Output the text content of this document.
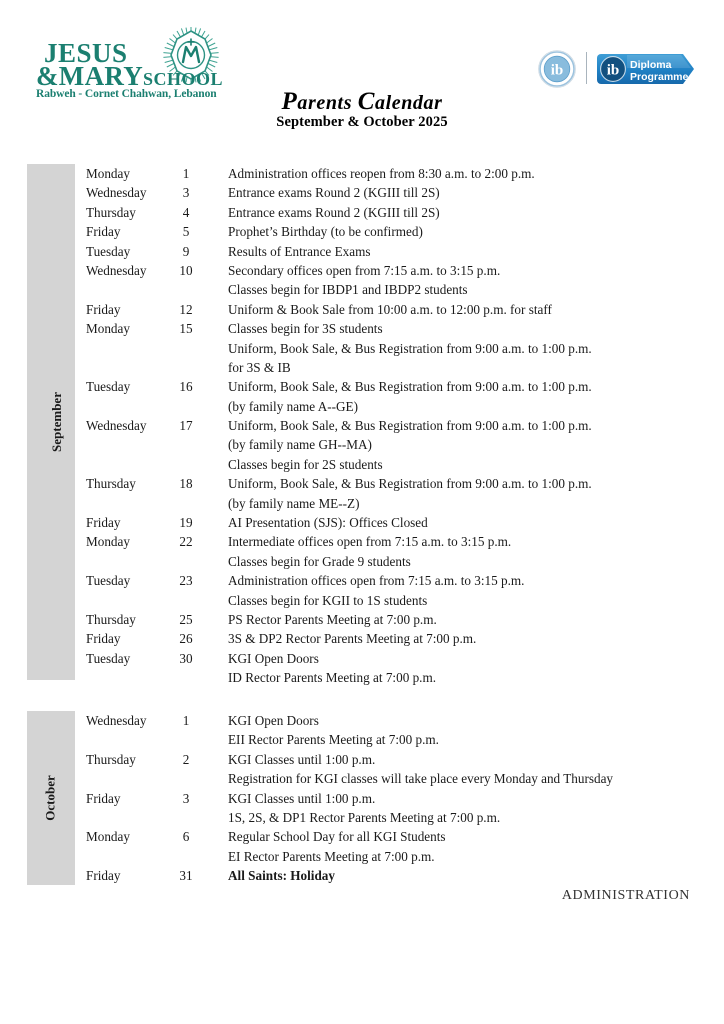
JESUS
&MARYSCHOOL
Rabweh - Cornet Chahwan, Lebanon
ib	ib Diploma
Programme
Parents Calendar
September & October 2025
September
Monday	1	Administration offices reopen from 8:30 a.m. to 2:00 p.m.
Wednesday	3	Entrance exams Round 2 (KGIII till 2S)
Thursday	4	Entrance exams Round 2 (KGIII till 2S)
Friday	5	Prophet’s Birthday (to be confirmed)
Tuesday	9	Results of Entrance Exams
Wednesday	10	Secondary offices open from 7:15 a.m. to 3:15 p.m.
Classes begin for IBDP1 and IBDP2 students
Friday	12	Uniform & Book Sale from 10:00 a.m. to 12:00 p.m. for staff
Monday	15	Classes begin for 3S students
Uniform, Book Sale, & Bus Registration from 9:00 a.m. to 1:00 p.m.
for 3S & IB
Tuesday	16	Uniform, Book Sale, & Bus Registration from 9:00 a.m. to 1:00 p.m.
(by family name A--GE)
Wednesday	17	Uniform, Book Sale, & Bus Registration from 9:00 a.m. to 1:00 p.m.
(by family name GH--MA)
Classes begin for 2S students
Thursday	18	Uniform, Book Sale, & Bus Registration from 9:00 a.m. to 1:00 p.m.
(by family name ME--Z)
Friday	19	AI Presentation (SJS): Offices Closed
Monday	22	Intermediate offices open from 7:15 a.m. to 3:15 p.m.
Classes begin for Grade 9 students
Tuesday	23	Administration offices open from 7:15 a.m. to 3:15 p.m.
Classes begin for KGII to 1S students
Thursday	25	PS Rector Parents Meeting at 7:00 p.m.
Friday	26	3S & DP2 Rector Parents Meeting at 7:00 p.m.
Tuesday	30	KGI Open Doors
ID Rector Parents Meeting at 7:00 p.m.
October
Wednesday	1	KGI Open Doors
EII Rector Parents Meeting at 7:00 p.m.
Thursday	2	KGI Classes until 1:00 p.m.
Registration for KGI classes will take place every Monday and Thursday
Friday	3	KGI Classes until 1:00 p.m.
1S, 2S, & DP1 Rector Parents Meeting at 7:00 p.m.
Monday	6	Regular School Day for all KGI Students
EI Rector Parents Meeting at 7:00 p.m.
Friday	31	All Saints: Holiday
ADMINISTRATION
